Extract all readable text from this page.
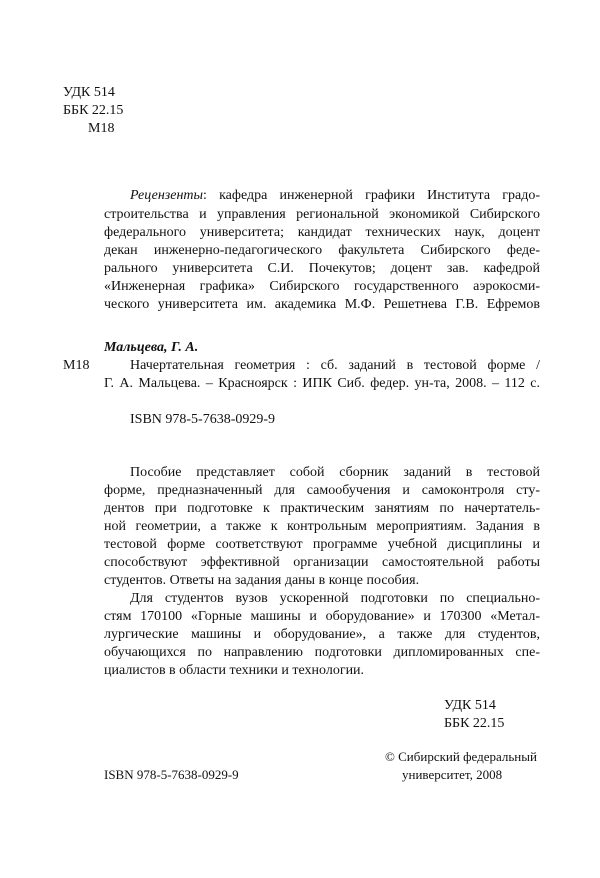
УДК 514
ББК 22.15
М18
Рецензенты: кафедра инженерной графики Института градо-
строительства и управления региональной экономикой Сибирского
федерального университета; кандидат технических наук, доцент
декан инженерно-педагогического факультета Сибирского феде-
рального университета С.И. Почекутов; доцент зав. кафедрой
«Инженерная графика» Сибирского государственного аэрокосми-
ческого университета им. академика М.Ф. Решетнева Г.В. Ефремов
Мальцева, Г. А.
М18	Начертательная геометрия : сб. заданий в тестовой форме /
Г. А. Мальцева. – Красноярск : ИПК Сиб. федер. ун-та, 2008. – 112 с.
ISBN 978-5-7638-0929-9
Пособие представляет собой сборник заданий в тестовой
форме, предназначенный для самообучения и самоконтроля сту-
дентов при подготовке к практическим занятиям по начертатель-
ной геометрии, а также к контрольным мероприятиям. Задания в
тестовой форме соответствуют программе учебной дисциплины и
способствуют эффективной организации самостоятельной работы
студентов. Ответы на задания даны в конце пособия.
Для студентов вузов ускоренной подготовки по специально-
стям 170100 «Горные машины и оборудование» и 170300 «Метал-
лургические машины и оборудование», а также для студентов,
обучающихся по направлению подготовки дипломированных спе-
циалистов в области техники и технологии.
УДК 514
ББК 22.15
ISBN 978-5-7638-0929-9
© Сибирский федеральный
университет, 2008
